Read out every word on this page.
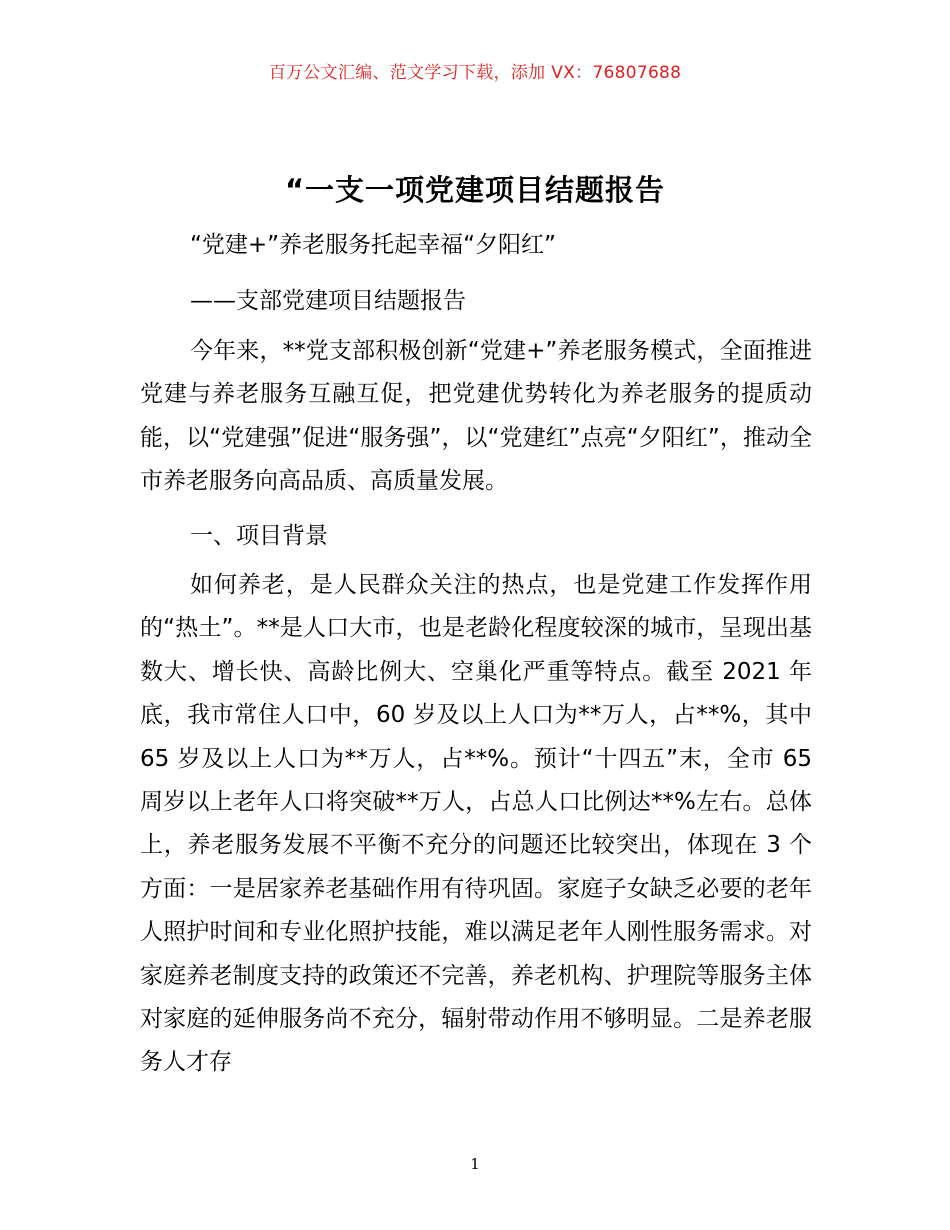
百万公文汇编、范文学习下载，添加 VX：76807688
“一支一项党建项目结题报告
“党建+”养老服务托起幸福“夕阳红”
——支部党建项目结题报告
今年来，**党支部积极创新“党建+”养老服务模式，全面推进党建与养老服务互融互促，把党建优势转化为养老服务的提质动能，以“党建强”促进“服务强”，以“党建红”点亮“夕阳红”，推动全市养老服务向高品质、高质量发展。
一、项目背景
如何养老，是人民群众关注的热点，也是党建工作发挥作用的“热土”。**是人口大市，也是老龄化程度较深的城市，呈现出基数大、增长快、高龄比例大、空巢化严重等特点。截至 2021 年底，我市常住人口中，60 岁及以上人口为**万人，占**%，其中 65 岁及以上人口为**万人，占**%。预计“十四五”末，全市 65 周岁以上老年人口将突破**万人，占总人口比例达**%左右。总体上，养老服务发展不平衡不充分的问题还比较突出，体现在 3 个方面：一是居家养老基础作用有待巩固。家庭子女缺乏必要的老年人照护时间和专业化照护技能，难以满足老年人刚性服务需求。对家庭养老制度支持的政策还不完善，养老机构、护理院等服务主体对家庭的延伸服务尚不充分，辐射带动作用不够明显。二是养老服务人才存
1
